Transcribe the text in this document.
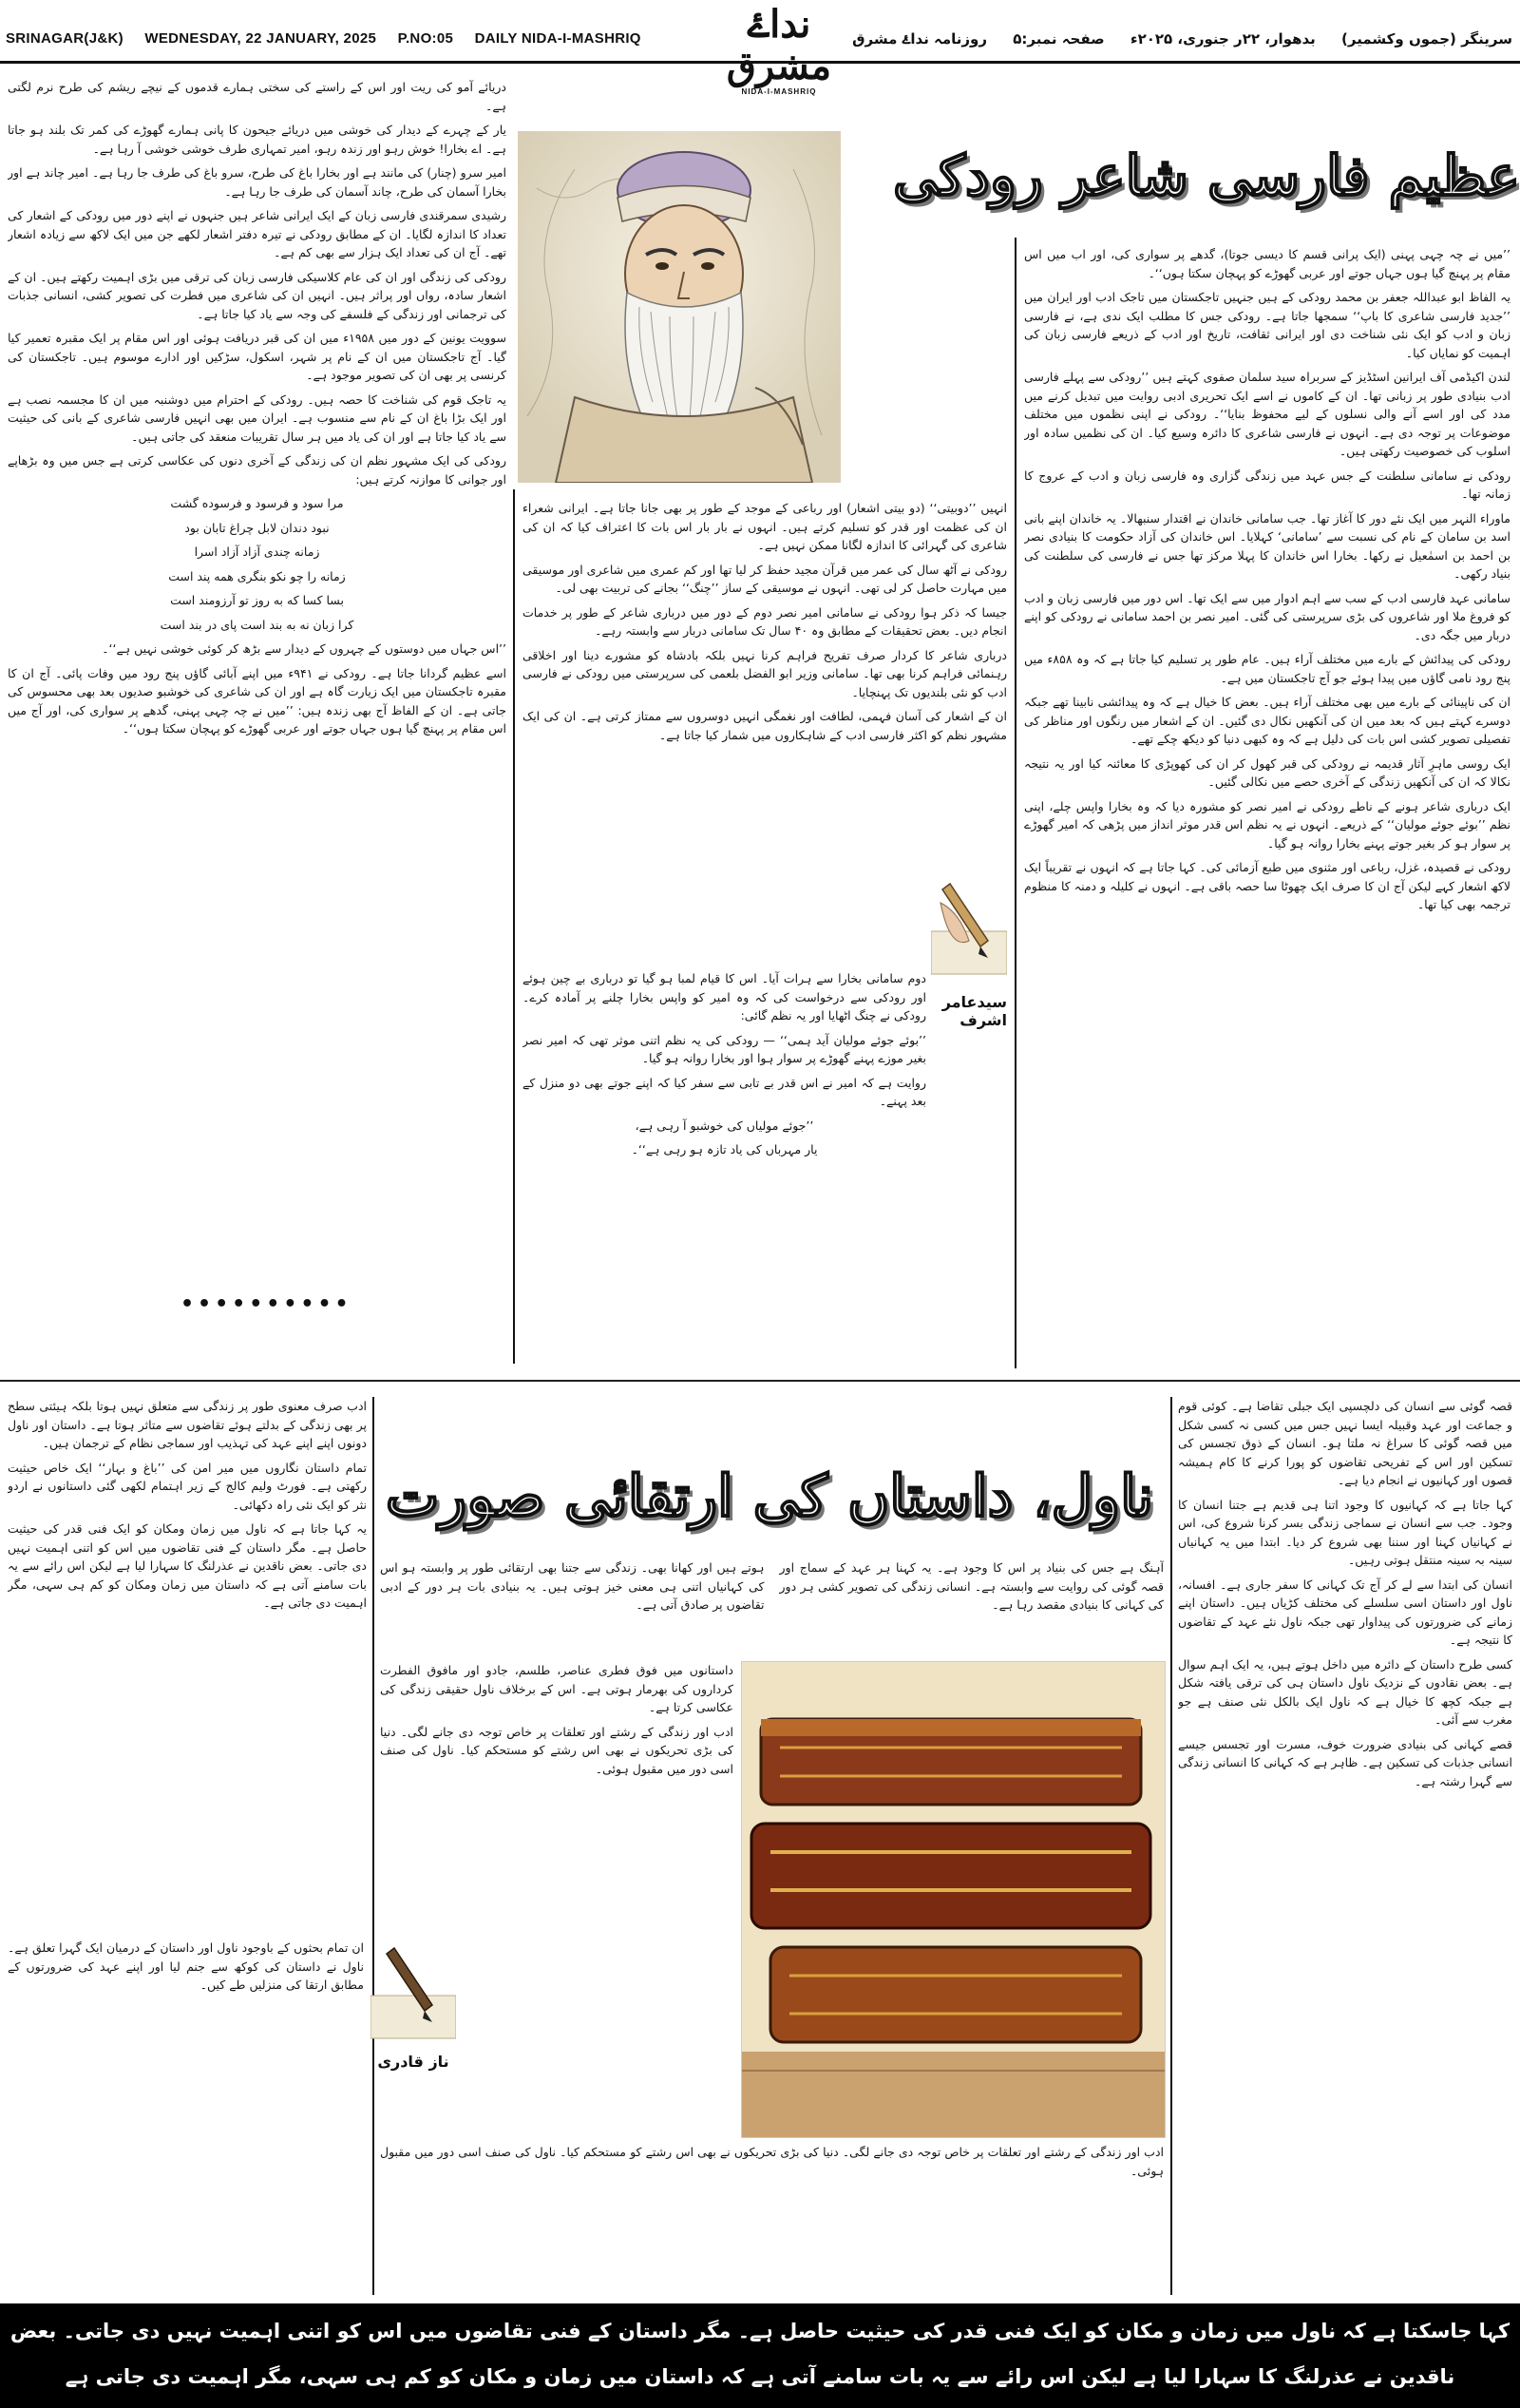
SRINAGAR(J&K) WEDNESDAY, 22 JANUARY, 2025 P.NO:05 DAILY NIDA-I-MASHRIQ	نداۓ مشرق
NIDA-I-MASHRIQ
سرینگر (جموں وکشمیر) بدھوار، ۲۲ر جنوری، ۲۰۲۵ء صفحہ نمبر:۵ روزنامہ نداۓ مشرق
عظیم فارسی شاعر رودکی

’’میں نے چہ چہی پہنی (ایک پرانی قسم کا دیسی جوتا)، گدھے پر سواری کی، اور اب میں اس مقام پر پہنچ گیا ہوں جہاں جوتے اور عربی گھوڑے کو پہچان سکتا ہوں‘‘۔

یہ الفاظ ابو عبداللہ جعفر بن محمد رودکی کے ہیں جنہیں تاجکستان میں تاجک ادب اور ایران میں ’’جدید فارسی شاعری کا باپ‘‘ سمجھا جاتا ہے۔ رودکی جس کا مطلب ایک ندی ہے، نے فارسی زبان و ادب کو ایک نئی شناخت دی اور ایرانی ثقافت، تاریخ اور ادب کے ذریعے فارسی زبان کی اہمیت کو نمایاں کیا۔

لندن اکیڈمی آف ایرانین اسٹڈیز کے سربراہ سید سلمان صفوی کہتے ہیں ’’رودکی سے پہلے فارسی ادب بنیادی طور پر زبانی تھا۔ ان کے کاموں نے اسے ایک تحریری ادبی روایت میں تبدیل کرنے میں مدد کی اور اسے آنے والی نسلوں کے لیے محفوظ بنایا‘‘۔ رودکی نے اپنی نظموں میں مختلف موضوعات پر توجہ دی ہے۔ انہوں نے فارسی شاعری کا دائرہ وسیع کیا۔ ان کی نظمیں سادہ اور اسلوب کی خصوصیت رکھتی ہیں۔

رودکی نے سامانی سلطنت کے جس عہد میں زندگی گزاری وہ فارسی زبان و ادب کے عروج کا زمانہ تھا۔

ماوراء النہر میں ایک نئے دور کا آغاز تھا۔ جب سامانی خاندان نے اقتدار سنبھالا۔ یہ خاندان اپنے بانی اسد بن سامان کے نام کی نسبت سے ’سامانی‘ کہلایا۔ اس خاندان کی آزاد حکومت کا بنیادی نصر بن احمد بن اسمٰعیل نے رکھا۔ بخارا اس خاندان کا پہلا مرکز تھا جس نے فارسی کی سلطنت کی بنیاد رکھی۔

سامانی عہد فارسی ادب کے سب سے اہم ادوار میں سے ایک تھا۔ اس دور میں فارسی زبان و ادب کو فروغ ملا اور شاعروں کی بڑی سرپرستی کی گئی۔ امیر نصر بن احمد سامانی نے رودکی کو اپنے دربار میں جگہ دی۔

رودکی کی پیدائش کے بارے میں مختلف آراء ہیں۔ عام طور پر تسلیم کیا جاتا ہے کہ وہ ۸۵۸ء میں پنج رود نامی گاؤں میں پیدا ہوئے جو آج تاجکستان میں ہے۔

ان کی ناپینائی کے بارے میں بھی مختلف آراء ہیں۔ بعض کا خیال ہے کہ وہ پیدائشی نابینا تھے جبکہ دوسرے کہتے ہیں کہ بعد میں ان کی آنکھیں نکال دی گئیں۔ ان کے اشعار میں رنگوں اور مناظر کی تفصیلی تصویر کشی اس بات کی دلیل ہے کہ وہ کبھی دنیا کو دیکھ چکے تھے۔

ایک روسی ماہرِ آثار قدیمہ نے رودکی کی قبر کھول کر ان کی کھوپڑی کا معائنہ کیا اور یہ نتیجہ نکالا کہ ان کی آنکھیں زندگی کے آخری حصے میں نکالی گئیں۔

ایک درباری شاعر ہونے کے ناطے رودکی نے امیر نصر کو مشورہ دیا کہ وہ بخارا واپس چلے، اپنی نظم ’’بوئے جوئے مولیان‘‘ کے ذریعے۔ انہوں نے یہ نظم اس قدر موثر انداز میں پڑھی کہ امیر گھوڑے پر سوار ہو کر بغیر جوتے پہنے بخارا روانہ ہو گیا۔

رودکی نے قصیدہ، غزل، رباعی اور مثنوی میں طبع آزمائی کی۔ کہا جاتا ہے کہ انہوں نے تقریباً ایک لاکھ اشعار کہے لیکن آج ان کا صرف ایک چھوٹا سا حصہ باقی ہے۔ انہوں نے کلیلہ و دمنہ کا منظوم ترجمہ بھی کیا تھا۔

انہیں ’’دوبیتی‘‘ (دو بیتی اشعار) اور رباعی کے موجد کے طور پر بھی جانا جاتا ہے۔ ایرانی شعراء ان کی عظمت اور قدر کو تسلیم کرتے ہیں۔ انہوں نے بار بار اس بات کا اعتراف کیا کہ ان کی شاعری کی گہرائی کا اندازہ لگانا ممکن نہیں ہے۔

رودکی نے آٹھ سال کی عمر میں قرآن مجید حفظ کر لیا تھا اور کم عمری میں شاعری اور موسیقی میں مہارت حاصل کر لی تھی۔ انہوں نے موسیقی کے ساز ’’چنگ‘‘ بجانے کی تربیت بھی لی۔

جیسا کہ ذکر ہوا رودکی نے سامانی امیر نصر دوم کے دور میں درباری شاعر کے طور پر خدمات انجام دیں۔ بعض تحقیقات کے مطابق وہ ۴۰ سال تک سامانی دربار سے وابستہ رہے۔

درباری شاعر کا کردار صرف تفریح فراہم کرنا نہیں بلکہ بادشاہ کو مشورے دینا اور اخلاقی رہنمائی فراہم کرنا بھی تھا۔ سامانی وزیر ابو الفضل بلعمی کی سرپرستی میں رودکی نے فارسی ادب کو نئی بلندیوں تک پہنچایا۔

ان کے اشعار کی آسان فہمی، لطافت اور نغمگی انہیں دوسروں سے ممتاز کرتی ہے۔ ان کی ایک مشہور نظم کو اکثر فارسی ادب کے شاہکاروں میں شمار کیا جاتا ہے۔

سیدعامر اشرف

دوم سامانی بخارا سے ہرات آیا۔ اس کا قیام لمبا ہو گیا تو درباری بے چین ہوئے اور رودکی سے درخواست کی کہ وہ امیر کو واپس بخارا چلنے پر آمادہ کرے۔ رودکی نے چنگ اٹھایا اور یہ نظم گائی:

’’بوئے جوئے مولیان آید ہمی‘‘ — رودکی کی یہ نظم اتنی موثر تھی کہ امیر نصر بغیر موزے پہنے گھوڑے پر سوار ہوا اور بخارا روانہ ہو گیا۔

روایت ہے کہ امیر نے اس قدر بے تابی سے سفر کیا کہ اپنے جوتے بھی دو منزل کے بعد پہنے۔

’’جوئے مولیاں کی خوشبو آ رہی ہے،

یار مہرباں کی یاد تازہ ہو رہی ہے‘‘۔

دریائے آمو کی ریت اور اس کے راستے کی سختی ہمارے قدموں کے نیچے ریشم کی طرح نرم لگتی ہے۔

یار کے چہرے کے دیدار کی خوشی میں دریائے جیحون کا پانی ہمارے گھوڑے کی کمر تک بلند ہو جاتا ہے۔ اے بخارا! خوش رہو اور زندہ رہو، امیر تمہاری طرف خوشی خوشی آ رہا ہے۔

امیر سرو (چنار) کی مانند ہے اور بخارا باغ کی طرح، سرو باغ کی طرف جا رہا ہے۔ امیر چاند ہے اور بخارا آسمان کی طرح، چاند آسمان کی طرف جا رہا ہے۔

رشیدی سمرقندی فارسی زبان کے ایک ایرانی شاعر ہیں جنہوں نے اپنے دور میں رودکی کے اشعار کی تعداد کا اندازہ لگایا۔ ان کے مطابق رودکی نے تیرہ دفتر اشعار لکھے جن میں ایک لاکھ سے زیادہ اشعار تھے۔ آج ان کی تعداد ایک ہزار سے بھی کم ہے۔

رودکی کی زندگی اور ان کی عام کلاسیکی فارسی زبان کی ترقی میں بڑی اہمیت رکھتے ہیں۔ ان کے اشعار سادہ، رواں اور پراثر ہیں۔ انہیں ان کی شاعری میں فطرت کی تصویر کشی، انسانی جذبات کی ترجمانی اور زندگی کے فلسفے کی وجہ سے یاد کیا جاتا ہے۔

سوویت یونین کے دور میں ۱۹۵۸ء میں ان کی قبر دریافت ہوئی اور اس مقام پر ایک مقبرہ تعمیر کیا گیا۔ آج تاجکستان میں ان کے نام پر شہر، اسکول، سڑکیں اور ادارے موسوم ہیں۔ تاجکستان کی کرنسی پر بھی ان کی تصویر موجود ہے۔

یہ تاجک قوم کی شناخت کا حصہ ہیں۔ رودکی کے احترام میں دوشنبہ میں ان کا مجسمہ نصب ہے اور ایک بڑا باغ ان کے نام سے منسوب ہے۔ ایران میں بھی انہیں فارسی شاعری کے بانی کی حیثیت سے یاد کیا جاتا ہے اور ان کی یاد میں ہر سال تقریبات منعقد کی جاتی ہیں۔

رودکی کی ایک مشہور نظم ان کی زندگی کے آخری دنوں کی عکاسی کرتی ہے جس میں وہ بڑھاپے اور جوانی کا موازنہ کرتے ہیں:

مرا سود و فرسود و فرسوده گشت

نبود دندان لابل چراغ تابان بود

زمانه چندی آزاد آزاد اسرا

زمانه را چو نکو بنگری همه پند است

بسا کسا که به روز تو آرزومند است

کرا زبان نه به بند است پای در بند است

’’اس جہاں میں دوستوں کے چہروں کے دیدار سے بڑھ کر کوئی خوشی نہیں ہے‘‘۔

اسے عظیم گردانا جاتا ہے۔ رودکی نے ۹۴۱ء میں اپنے آبائی گاؤں پنج رود میں وفات پائی۔ آج ان کا مقبرہ تاجکستان میں ایک زیارت گاہ ہے اور ان کی شاعری کی خوشبو صدیوں بعد بھی محسوس کی جاتی ہے۔ ان کے الفاظ آج بھی زندہ ہیں: ’’میں نے چہ چہی پہنی، گدھے پر سواری کی، اور آج میں اس مقام پر پہنچ گیا ہوں جہاں جوتے اور عربی گھوڑے کو پہچان سکتا ہوں‘‘۔

••••••••••
ناول، داستاں کی ارتقائی صورت

قصہ گوئی سے انسان کی دلچسپی ایک جبلی تقاضا ہے۔ کوئی قوم و جماعت اور عہد وقبیلہ ایسا نہیں جس میں کسی نہ کسی شکل میں قصہ گوئی کا سراغ نہ ملتا ہو۔ انسان کے ذوق تجسس کی تسکین اور اس کے تفریحی تقاضوں کو پورا کرنے کا کام ہمیشہ قصوں اور کہانیوں نے انجام دیا ہے۔

کہا جاتا ہے کہ کہانیوں کا وجود اتنا ہی قدیم ہے جتنا انسان کا وجود۔ جب سے انسان نے سماجی زندگی بسر کرنا شروع کی، اس نے کہانیاں کہنا اور سننا بھی شروع کر دیا۔ ابتدا میں یہ کہانیاں سینہ بہ سینہ منتقل ہوتی رہیں۔

انسان کی ابتدا سے لے کر آج تک کہانی کا سفر جاری ہے۔ افسانہ، ناول اور داستان اسی سلسلے کی مختلف کڑیاں ہیں۔ داستان اپنے زمانے کی ضرورتوں کی پیداوار تھی جبکہ ناول نئے عہد کے تقاضوں کا نتیجہ ہے۔

کسی طرح داستان کے دائرہ میں داخل ہوتے ہیں، یہ ایک اہم سوال ہے۔ بعض نقادوں کے نزدیک ناول داستان ہی کی ترقی یافتہ شکل ہے جبکہ کچھ کا خیال ہے کہ ناول ایک بالکل نئی صنف ہے جو مغرب سے آئی۔

قصے کہانی کی بنیادی ضرورت خوف، مسرت اور تجسس جیسے انسانی جذبات کی تسکین ہے۔ ظاہر ہے کہ کہانی کا انسانی زندگی سے گہرا رشتہ ہے۔

آہنگ ہے جس کی بنیاد پر اس کا وجود ہے۔ یہ کہنا ہر عہد کے سماج اور قصہ گوئی کی روایت سے وابستہ ہے۔ انسانی زندگی کی تصویر کشی ہر دور کی کہانی کا بنیادی مقصد رہا ہے۔

ہوتے ہیں اور کھانا بھی۔ زندگی سے جتنا بھی ارتقائی طور پر وابستہ ہو اس کی کہانیاں اتنی ہی معنی خیز ہوتی ہیں۔ یہ بنیادی بات ہر دور کے ادبی تقاضوں پر صادق آتی ہے۔

داستانوں میں فوق فطری عناصر، طلسم، جادو اور مافوق الفطرت کرداروں کی بھرمار ہوتی ہے۔ اس کے برخلاف ناول حقیقی زندگی کی عکاسی کرتا ہے۔

ادب اور زندگی کے رشتے اور تعلقات پر خاص توجہ دی جانے لگی۔ دنیا کی بڑی تحریکوں نے بھی اس رشتے کو مستحکم کیا۔ ناول کی صنف اسی دور میں مقبول ہوئی۔

ادب اور زندگی کے رشتے اور تعلقات پر خاص توجہ دی جانے لگی۔ دنیا کی بڑی تحریکوں نے بھی اس رشتے کو مستحکم کیا۔ ناول کی صنف اسی دور میں مقبول ہوئی۔

ادب صرف معنوی طور پر زندگی سے متعلق نہیں ہوتا بلکہ ہیئتی سطح پر بھی زندگی کے بدلتے ہوئے تقاضوں سے متاثر ہوتا ہے۔ داستان اور ناول دونوں اپنے اپنے عہد کی تہذیب اور سماجی نظام کے ترجمان ہیں۔

تمام داستان نگاروں میں میر امن کی ’’باغ و بہار‘‘ ایک خاص حیثیت رکھتی ہے۔ فورٹ ولیم کالج کے زیر اہتمام لکھی گئی داستانوں نے اردو نثر کو ایک نئی راہ دکھائی۔

یہ کہا جاتا ہے کہ ناول میں زمان ومکان کو ایک فنی قدر کی حیثیت حاصل ہے۔ مگر داستان کے فنی تقاضوں میں اس کو اتنی اہمیت نہیں دی جاتی۔ بعض ناقدین نے عذرلنگ کا سہارا لیا ہے لیکن اس رائے سے یہ بات سامنے آتی ہے کہ داستان میں زمان ومکان کو کم ہی سہی، مگر اہمیت دی جاتی ہے۔

ناز قادری

ان تمام بحثوں کے باوجود ناول اور داستان کے درمیان ایک گہرا تعلق ہے۔ ناول نے داستان کی کوکھ سے جنم لیا اور اپنے عہد کی ضرورتوں کے مطابق ارتقا کی منزلیں طے کیں۔

کہا جاسکتا ہے کہ ناول میں زمان و مکان کو ایک فنی قدر کی حیثیت حاصل ہے۔ مگر داستان کے فنی تقاضوں میں اس کو اتنی اہمیت نہیں دی جاتی۔ بعض
ناقدین نے عذرلنگ کا سہارا لیا ہے لیکن اس رائے سے یہ بات سامنے آتی ہے کہ داستان میں زمان و مکان کو کم ہی سہی، مگر اہمیت دی جاتی ہے
